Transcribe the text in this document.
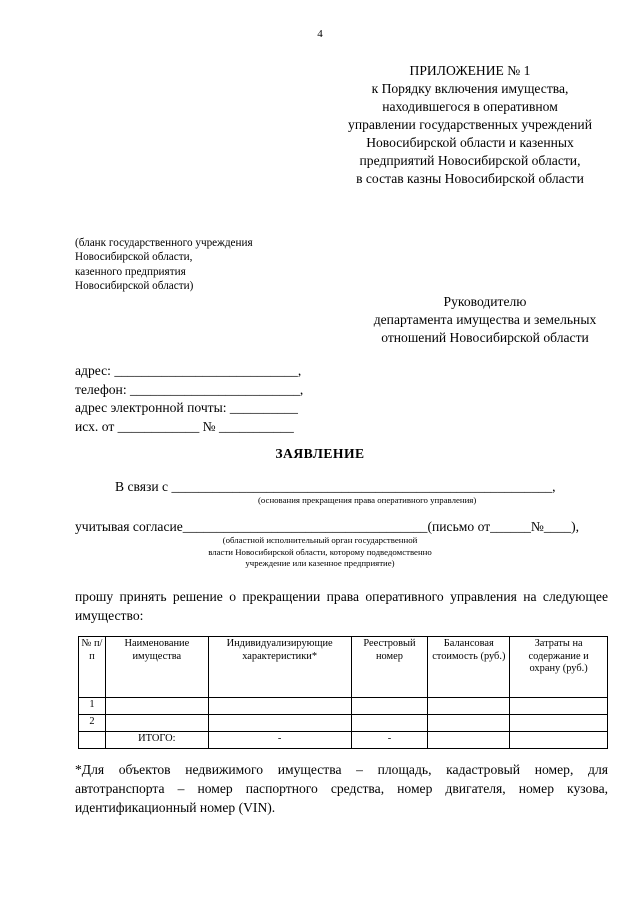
4
ПРИЛОЖЕНИЕ № 1
к Порядку включения имущества,
находившегося в оперативном
управлении государственных учреждений
Новосибирской области и казенных
предприятий Новосибирской области,
в состав казны Новосибирской области
(бланк государственного учреждения
Новосибирской области,
казенного предприятия
Новосибирской области)
Руководителю
департамента имущества и земельных
отношений Новосибирской области
адрес: ___________________________,
телефон: _________________________,
адрес электронной почты: __________
исх. от ____________ № ___________
ЗАЯВЛЕНИЕ
В связи с ________________________________________________________,
(основания прекращения права оперативного управления)
учитывая согласие____________________________________(письмо от______№____),
(областной исполнительный орган государственной
власти Новосибирской области, которому подведомственно
учреждение или казенное предприятие)
прошу принять решение о прекращении права оперативного управления на следующее имущество:
№ п/п	Наименование имущества	Индивидуализирующие характеристики*	Реестровый номер	Балансовая стоимость (руб.)	Затраты на содержание и охрану (руб.)
1					
2					
	ИТОГО:	-	-		
*Для объектов недвижимого имущества – площадь, кадастровый номер, для автотранспорта – номер паспортного средства, номер двигателя, номер кузова, идентификационный номер (VIN).
